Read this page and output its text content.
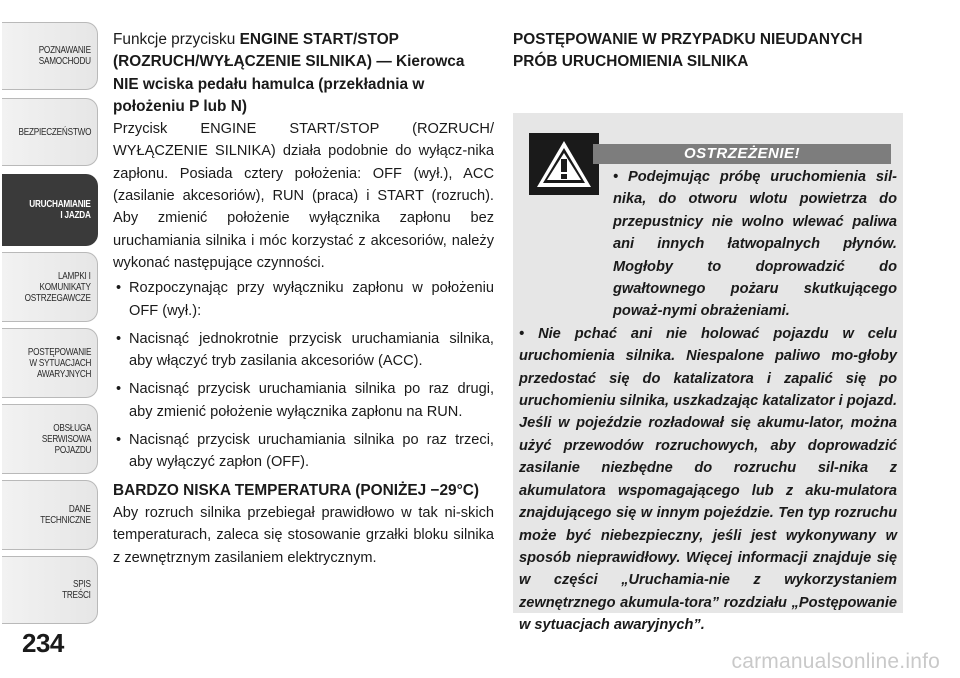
POZNAWANIE
SAMOCHODU
BEZPIECZEŃSTWO
URUCHAMIANIE
I JAZDA
LAMPKI I
KOMUNIKATY
OSTRZEGAWCZE
POSTĘPOWANIE
W SYTUACJACH
AWARYJNYCH
OBSŁUGA
SERWISOWA
POJAZDU
DANE
TECHNICZNE
SPIS
TREŚCI
234
Funkcje przycisku ENGINE START/STOP (ROZRUCH/WYŁĄCZENIE SILNIKA) — Kierowca NIE wciska pedału hamulca (przekładnia w położeniu P lub N)

Przycisk ENGINE START/STOP (ROZRUCH/ WYŁĄCZENIE SILNIKA) działa podobnie do wyłącz-nika zapłonu. Posiada cztery położenia: OFF (wył.), ACC (zasilanie akcesoriów), RUN (praca) i START (rozruch). Aby zmienić położenie wyłącznika zapłonu bez uruchamiania silnika i móc korzystać z akcesoriów, należy wykonać następujące czynności.

• Rozpoczynając przy wyłączniku zapłonu w położeniu OFF (wył.):
• Nacisnąć jednokrotnie przycisk uruchamiania silnika, aby włączyć tryb zasilania akcesoriów (ACC).
• Nacisnąć przycisk uruchamiania silnika po raz drugi, aby zmienić położenie wyłącznika zapłonu na RUN.
• Nacisnąć przycisk uruchamiania silnika po raz trzeci, aby wyłączyć zapłon (OFF).
BARDZO NISKA TEMPERATURA (PONIŻEJ −29°C)

Aby rozruch silnika przebiegał prawidłowo w tak ni-skich temperaturach, zaleca się stosowanie grzałki bloku silnika z zewnętrznym zasilaniem elektrycznym.

POSTĘPOWANIE W PRZYPADKU NIEUDANYCH PRÓB URUCHOMIENIA SILNIKA
OSTRZEŻENIE!

• Podejmując próbę uruchomienia sil-nika, do otworu wlotu powietrza do przepustnicy nie wolno wlewać paliwa ani innych łatwopalnych płynów. Mogłoby to doprowadzić do gwałtownego pożaru skutkującego poważ-nymi obrażeniami.

• Nie pchać ani nie holować pojazdu w celu uruchomienia silnika. Niespalone paliwo mo-głoby przedostać się do katalizatora i zapalić się po uruchomieniu silnika, uszkadzając katalizator i pojazd. Jeśli w pojeździe rozładował się akumu-lator, można użyć przewodów rozruchowych, aby doprowadzić zasilanie niezbędne do rozruchu sil-nika z akumulatora wspomagającego lub z aku-mulatora znajdującego się w innym pojeździe. Ten typ rozruchu może być niebezpieczny, jeśli jest wykonywany w sposób nieprawidłowy. Więcej informacji znajduje się w części „Uruchamia-nie z wykorzystaniem zewnętrznego akumula-tora” rozdziału „Postępowanie w sytuacjach awaryjnych”.

carmanualsonline.info
